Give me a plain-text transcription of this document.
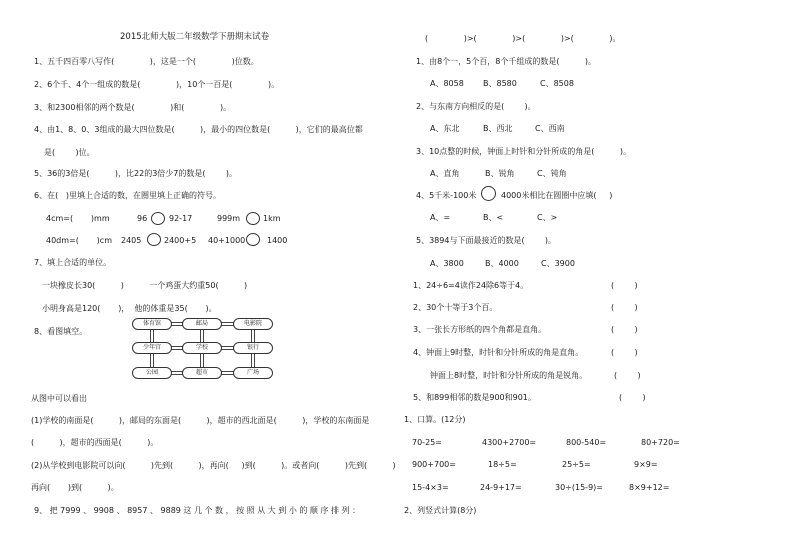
2015北师大版二年级数学下册期末试卷
1、五千四百零八写作(              )，这是一个(              )位数。
2、6个千、4个一组成的数是(              )，10个一百是(              )。
3、和2300相邻的两个数是(              )和(              )。
4、由1、8、0、3组成的最大四位数是(          )，最小的四位数是(          )，它们的最高位都
是(        )位。
5、36的3倍是(          )，比22的3倍少7的数是(        )。
6、在(   )里填上合适的数，在圈里填上正确的符号。
4cm=(       )mm	96	92-17	999m	1km
40dm=(       )cm 2405	2400+5 40+1000	1400
7、填上合适的单位。
一块橡皮长30(          )          一个鸡蛋大约重50(          )
小明身高是120(       )，  他的体重是35(       )。
8、看图填空。
体育馆	邮局	电影院
少年宫	学校	银行
公园	超市	广场
从图中可以看出
(1)学校的南面是(          )，邮局的东面是(          )，超市的西北面是(          )，学校的东南面是
(          )，超市的西面是(          )。
(2)从学校到电影院可以向(          )先到(          )，再向(     )到(          )。或者向(          )先到(          )
再向(       )到(          )。
9、 把 7999 、 9908 、 8957 、 9889 这 几 个 数 ， 按 照 从 大 到 小 的 顺 序 排 列 ：
(              )>(              )>(              )>(              )。
1、由8个一，5个百，8个千组成的数是(          )。
A、8058 B、8580	C、8508
2、与东南方向相反的是(        )。
A、东北	B、西北	C、西南
3、10点整的时候，钟面上时针和分针所成的角是(          )。
A、直角	B、锐角	C、钝角
4、5千米-100米	4000米相比在圆圈中应填(     )
A、=	B、<	C、>
5、3894与下面最接近的数是(        )。
A、3800	B、4000	C、3900
1、24÷6=4读作24除6等于4。	(        )
2、30个十等于3个百。	(        )
3、一张长方形纸的四个角都是直角。	(        )
4、钟面上9时整，时针和分针所成的角是直角。	(        )
钟面上8时整，时针和分针所成的角是锐角。	(        )
5、和899相邻的数是900和901。	(        )
1、口算。(12分)
70-25=	4300+2700=	800-540=	80+720=
900+700=	18÷5=	25÷5=	9×9=
15-4×3=	24-9+17=	30÷(15-9)=	8×9+12=
2、列竖式计算(8分)
